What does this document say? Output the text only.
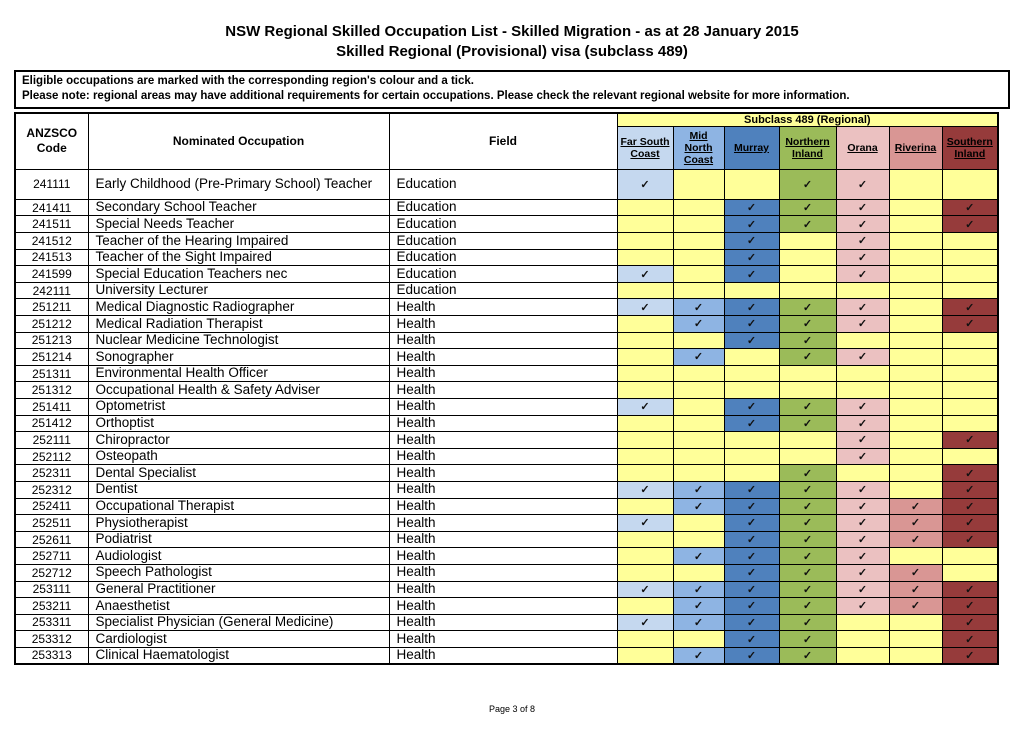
NSW Regional Skilled Occupation List - Skilled Migration - as at 28 January 2015
Skilled Regional (Provisional) visa (subclass 489)
Eligible occupations are marked with the corresponding region's colour and a tick.
Please note: regional areas may have additional requirements for certain occupations. Please check the relevant regional website for more information.
ANZSCO Code	Nominated Occupation	Field	Subclass 489 (Regional)						
			Far South Coast	Mid North Coast	Murray	Northern Inland	Orana	Riverina	Southern Inland
241111	Early Childhood (Pre-Primary School) Teacher	Education	✓			✓	✓		
241411	Secondary School Teacher	Education			✓	✓	✓		✓
241511	Special Needs Teacher	Education			✓	✓	✓		✓
241512	Teacher of the Hearing Impaired	Education			✓		✓		
241513	Teacher of the Sight Impaired	Education			✓		✓		
241599	Special Education Teachers nec	Education	✓		✓		✓		
242111	University Lecturer	Education							
251211	Medical Diagnostic Radiographer	Health	✓	✓	✓	✓	✓		✓
251212	Medical Radiation Therapist	Health		✓	✓	✓	✓		✓
251213	Nuclear Medicine Technologist	Health			✓	✓			
251214	Sonographer	Health		✓		✓	✓		
251311	Environmental Health Officer	Health							
251312	Occupational Health & Safety Adviser	Health							
251411	Optometrist	Health	✓		✓	✓	✓		
251412	Orthoptist	Health			✓	✓	✓		
252111	Chiropractor	Health					✓		✓
252112	Osteopath	Health					✓		
252311	Dental Specialist	Health				✓			✓
252312	Dentist	Health	✓	✓	✓	✓	✓		✓
252411	Occupational Therapist	Health		✓	✓	✓	✓	✓	✓
252511	Physiotherapist	Health	✓		✓	✓	✓	✓	✓
252611	Podiatrist	Health			✓	✓	✓	✓	✓
252711	Audiologist	Health		✓	✓	✓	✓		
252712	Speech Pathologist	Health			✓	✓	✓	✓	
253111	General Practitioner	Health	✓	✓	✓	✓	✓	✓	✓
253211	Anaesthetist	Health		✓	✓	✓	✓	✓	✓
253311	Specialist Physician (General Medicine)	Health	✓	✓	✓	✓			✓
253312	Cardiologist	Health			✓	✓			✓
253313	Clinical Haematologist	Health		✓	✓	✓			✓
Page 3 of 8
